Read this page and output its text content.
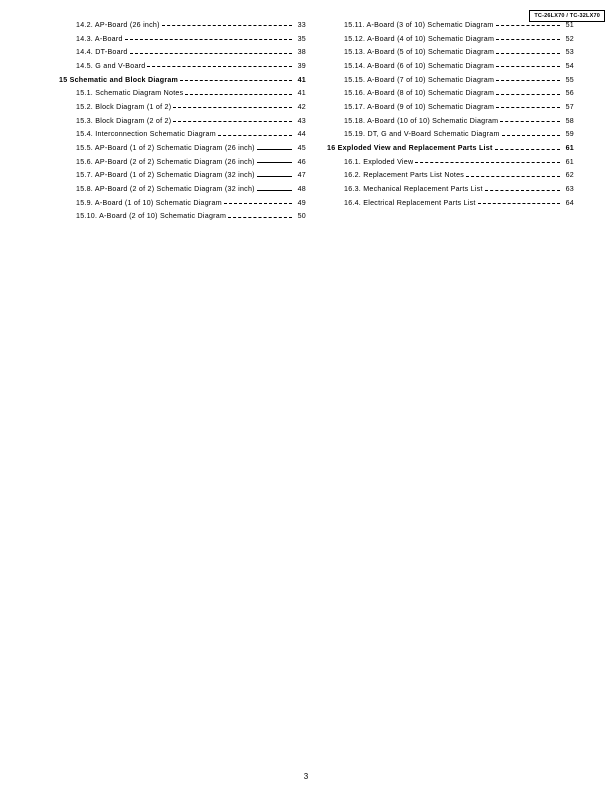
TC-26LX70 / TC-32LX70
14.2. AP-Board (26 inch)	33
14.3. A-Board	35
14.4. DT-Board	38
14.5. G and V-Board	39
15 Schematic and Block Diagram	41
15.1. Schematic Diagram Notes	41
15.2. Block Diagram (1 of 2)	42
15.3. Block Diagram (2 of 2)	43
15.4. Interconnection Schematic Diagram	44
15.5. AP-Board (1 of 2) Schematic Diagram (26 inch)	45
15.6. AP-Board (2 of 2) Schematic Diagram (26 inch)	46
15.7. AP-Board (1 of 2) Schematic Diagram (32 inch)	47
15.8. AP-Board (2 of 2) Schematic Diagram (32 inch)	48
15.9. A-Board (1 of 10) Schematic Diagram	49
15.10. A-Board (2 of 10) Schematic Diagram	50
15.11. A-Board (3 of 10) Schematic Diagram	51
15.12. A-Board (4 of 10) Schematic Diagram	52
15.13. A-Board (5 of 10) Schematic Diagram	53
15.14. A-Board (6 of 10) Schematic Diagram	54
15.15. A-Board (7 of 10) Schematic Diagram	55
15.16. A-Board (8 of 10) Schematic Diagram	56
15.17. A-Board (9 of 10) Schematic Diagram	57
15.18. A-Board (10 of 10) Schematic Diagram	58
15.19. DT, G and V-Board Schematic Diagram	59
16 Exploded View and Replacement Parts List	61
16.1. Exploded View	61
16.2. Replacement Parts List Notes	62
16.3. Mechanical Replacement Parts List	63
16.4. Electrical Replacement Parts List	64
3
